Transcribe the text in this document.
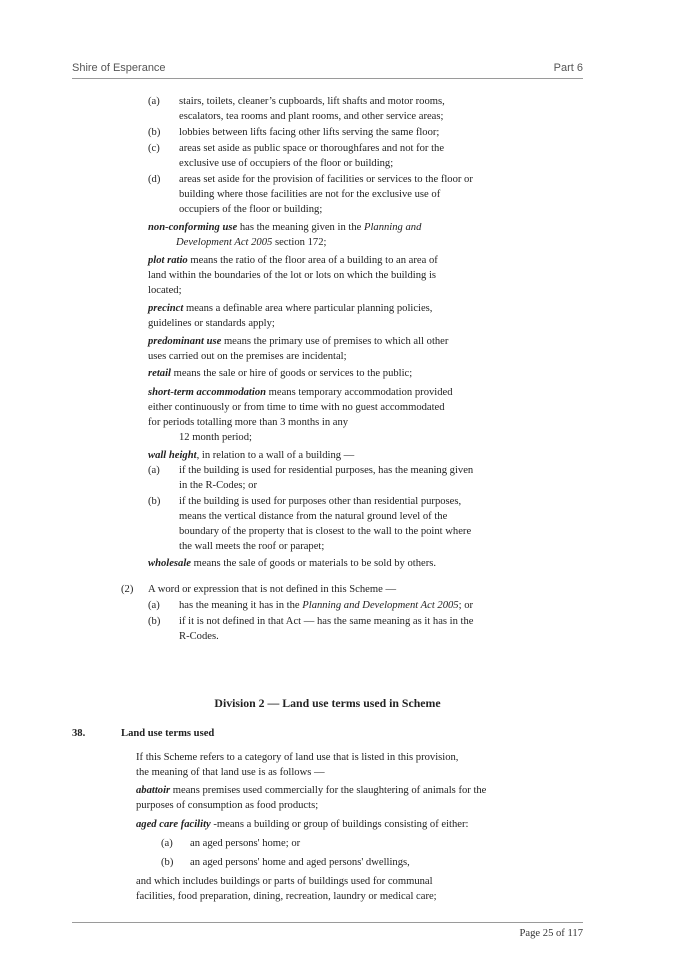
Shire of Esperance	Part 6
(a) stairs, toilets, cleaner’s cupboards, lift shafts and motor rooms,
escalators, tea rooms and plant rooms, and other service areas;
(b) lobbies between lifts facing other lifts serving the same floor;
(c) areas set aside as public space or thoroughfares and not for the
exclusive use of occupiers of the floor or building;
(d) areas set aside for the provision of facilities or services to the floor or
building where those facilities are not for the exclusive use of
occupiers of the floor or building;
non-conforming use has the meaning given in the Planning and
Development Act 2005 section 172;
plot ratio means the ratio of the floor area of a building to an area of
land within the boundaries of the lot or lots on which the building is
located;
precinct means a definable area where particular planning policies,
guidelines or standards apply;
predominant use means the primary use of premises to which all other
uses carried out on the premises are incidental;
retail means the sale or hire of goods or services to the public;
short-term accommodation means temporary accommodation provided
either continuously or from time to time with no guest accommodated
for periods totalling more than 3 months in any
12 month period;
wall height, in relation to a wall of a building —
(a) if the building is used for residential purposes, has the meaning given
in the R-Codes; or
(b) if the building is used for purposes other than residential purposes,
means the vertical distance from the natural ground level of the
boundary of the property that is closest to the wall to the point where
the wall meets the roof or parapet;
wholesale means the sale of goods or materials to be sold by others.
(2) A word or expression that is not defined in this Scheme —
(a) has the meaning it has in the Planning and Development Act 2005; or
(b) if it is not defined in that Act — has the same meaning as it has in the
R-Codes.
Division 2 — Land use terms used in Scheme
38.	Land use terms used
If this Scheme refers to a category of land use that is listed in this provision,
the meaning of that land use is as follows —
abattoir means premises used commercially for the slaughtering of animals for the
purposes of consumption as food products;
aged care facility -means a building or group of buildings consisting of either:
(a) an aged persons' home; or
(b) an aged persons' home and aged persons' dwellings,
and which includes buildings or parts of buildings used for communal
facilities, food preparation, dining, recreation, laundry or medical care;
Page 25 of 117
